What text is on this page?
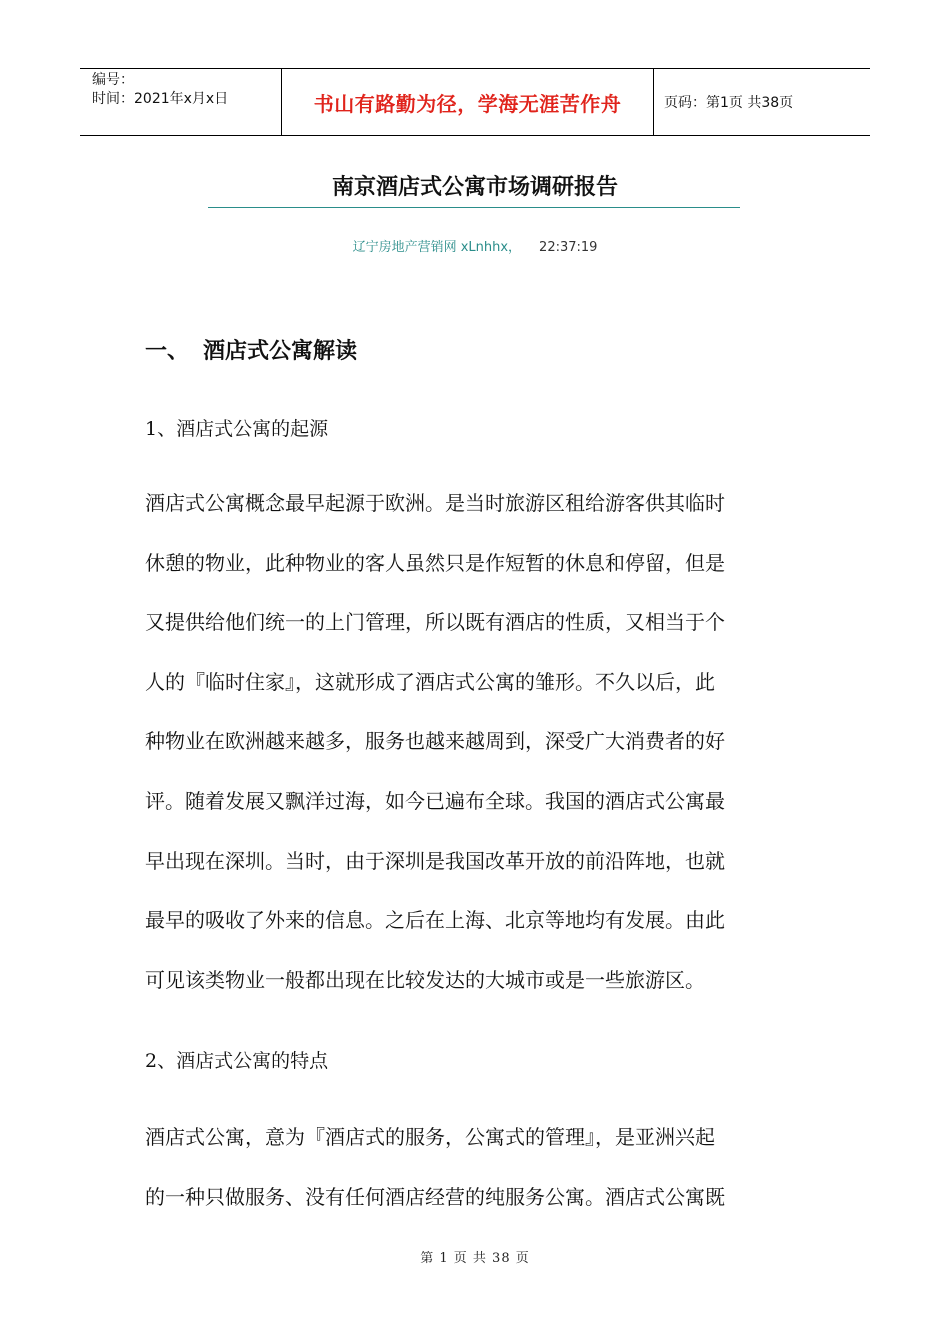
编号：
时间：2021年x月x日	书山有路勤为径，学海无涯苦作舟	页码：第1页 共38页
南京酒店式公寓市场调研报告
辽宁房地产营销网 xLnhhx， 22:37:19
一、 酒店式公寓解读
1、酒店式公寓的起源

酒店式公寓概念最早起源于欧洲。是当时旅游区租给游客供其临时
休憩的物业，此种物业的客人虽然只是作短暂的休息和停留，但是
又提供给他们统一的上门管理，所以既有酒店的性质，又相当于个
人的『临时住家』，这就形成了酒店式公寓的雏形。不久以后，此
种物业在欧洲越来越多，服务也越来越周到，深受广大消费者的好
评。随着发展又飘洋过海，如今已遍布全球。我国的酒店式公寓最
早出现在深圳。当时，由于深圳是我国改革开放的前沿阵地，也就
最早的吸收了外来的信息。之后在上海、北京等地均有发展。由此
可见该类物业一般都出现在比较发达的大城市或是一些旅游区。

2、酒店式公寓的特点

酒店式公寓，意为『酒店式的服务，公寓式的管理』，是亚洲兴起
的一种只做服务、没有任何酒店经营的纯服务公寓。酒店式公寓既

第 1 页 共 38 页
